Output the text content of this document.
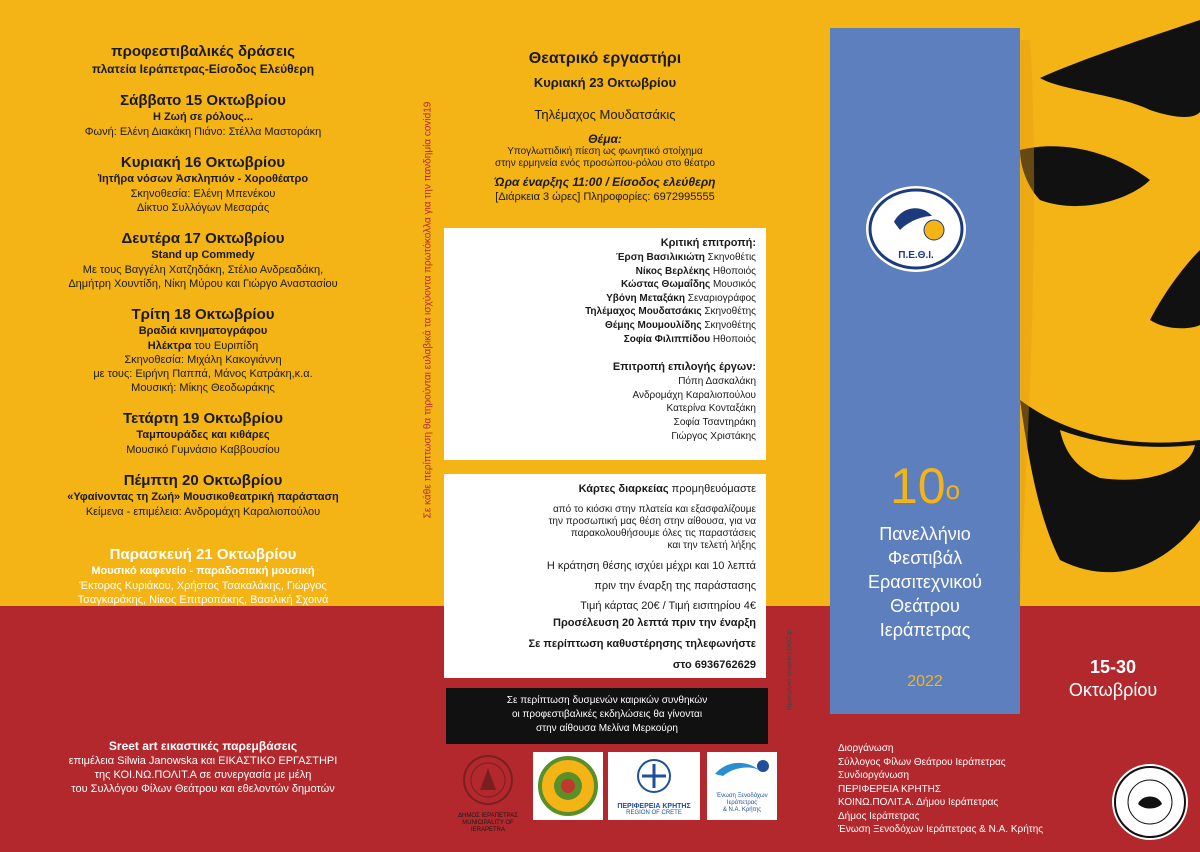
προφεστιβαλικές δράσεις
πλατεία Ιεράπετρας-Είσοδος Ελεύθερη
Σάββατο 15 Οκτωβρίου
Η Ζωή σε ρόλους...
Φωνή: Ελένη Διακάκη Πιάνο: Στέλλα Μαστοράκη
Κυριακή 16 Οκτωβρίου
Ἰητῆρα νόσων Ἀσκληπιόν - Χοροθέατρο
Σκηνοθεσία: Ελένη Μπενέκου
Δίκτυο Συλλόγων Μεσαράς
Δευτέρα 17 Οκτωβρίου
Stand up Commedy
Με τους Βαγγέλη Χατζηδάκη, Στέλιο Ανδρεαδάκη,
Δημήτρη Χουντίδη, Νίκη Μύρου και Γιώργο Αναστασίου
Τρίτη 18 Οκτωβρίου
Βραδιά κινηματογράφου
Ηλέκτρα του Ευριπίδη
Σκηνοθεσία: Μιχάλη Κακογιάννη
με τους: Ειρήνη Παππά, Μάνος Κατράκη,κ.α.
Μουσική: Μίκης Θεοδωράκης
Τετάρτη 19 Οκτωβρίου
Ταμπουράδες και κιθάρες
Μουσικό Γυμνάσιο Καββουσίου
Πέμπτη 20 Οκτωβρίου
«Υφαίνοντας τη Ζωή» Μουσικοθεατρική παράσταση
Κείμενα - επιμέλεια: Ανδρομάχη Καραλιοπούλου
Παρασκευή 21 Οκτωβρίου
Μουσικό καφενείο - παραδοσιακή μουσική
Έκτορας Κυριάκου, Χρήστος Τσακαλάκης, Γιώργος
Τσαγκαράκης, Νίκος Επιτροπάκης, Βασιλική Σχοινά
Sreet art εικαστικές παρεμβάσεις
επιμέλεια Silwia Janowska και ΕΙΚΑΣΤΙΚΟ ΕΡΓΑΣΤΗΡΙ
της ΚΟΙ.ΝΩ.ΠΟΛΙΤ.Α σε συνεργασία με μέλη
του Συλλόγου Φίλων Θεάτρου και εθελοντών δημοτών
Σε κάθε περίπτωση θα τηρούνται ευλαβικά τα ισχύοντα πρωτόκολλα για την πανδημία covid19
δημιουργικό γραφείο LOGO.gr
Θεατρικό εργαστήρι
Κυριακή 23 Οκτωβρίου
Τηλέμαχος Μουδατσάκις
Θέμα:
Υπογλωττιδική πίεση ως φωνητικό στοίχημα
στην ερμηνεία ενός προσώπου-ρόλου στο θέατρο
Ώρα έναρξης 11:00 / Είσοδος ελεύθερη
[Διάρκεια 3 ώρες] Πληροφορίες: 6972995555
Κριτική επιτροπή:
Έρση Βασιλικιώτη Σκηνοθέτις
Νίκος Βερλέκης Ηθοποιός
Κώστας Θωμαΐδης Μουσικός
Υβόνη Μεταξάκη Σεναριογράφος
Τηλέμαχος Μουδατσάκις Σκηνοθέτης
Θέμης Μουμουλίδης Σκηνοθέτης
Σοφία Φιλιππίδου Ηθοποιός
Επιτροπή επιλογής έργων:
Πόπη Δασκαλάκη
Ανδρομάχη Καραλιοπούλου
Κατερίνα Κονταξάκη
Σοφία Τσαντηράκη
Γιώργος Χριστάκης
Κάρτες διαρκείας προμηθευόμαστε
από το κιόσκι στην πλατεία και εξασφαλίζουμε
την προσωπική μας θέση στην αίθουσα, για να
παρακολουθήσουμε όλες τις παραστάσεις
και την τελετή λήξης
Η κράτηση θέσης ισχύει μέχρι και 10 λεπτά
πριν την έναρξη της παράστασης
Τιμή κάρτας 20€ / Τιμή εισιτηρίου 4€
Προσέλευση 20 λεπτά πριν την έναρξη
Σε περίπτωση καθυστέρησης τηλεφωνήστε
στο 6936762629
Σε περίπτωση δυσμενών καιρικών συνθηκών
οι προφεστιβαλικές εκδηλώσεις θα γίνονται
στην αίθουσα Μελίνα Μερκούρη
ΔΗΜΟΣ ΙΕΡΑΠΕΤΡΑΣ
MUNICIPALITY OF IERAPETRA
ΠΕΡΙΦΕΡΕΙΑ ΚΡΗΤΗΣ
REGION OF CRETE
Ένωση Ξενοδόχων
Ιεράπετρας
& Ν.Α. Κρήτης
Π.Ε.Θ.Ι.
$10^o$
Πανελλήνιο
Φεστιβάλ
Ερασιτεχνικού
Θεάτρου
Ιεράπετρας
2022
15-30
Οκτωβρίου
Διοργάνωση
Σύλλογος Φίλων Θεάτρου Ιεράπετρας
Συνδιοργάνωση
ΠΕΡΙΦΕΡΕΙΑ ΚΡΗΤΗΣ
ΚΟΙΝΩ.ΠΟΛΙΤ.Α. Δήμου Ιεράπετρας
Δήμος Ιεράπετρας
Ένωση Ξενοδόχων Ιεράπετρας & Ν.Α. Κρήτης
